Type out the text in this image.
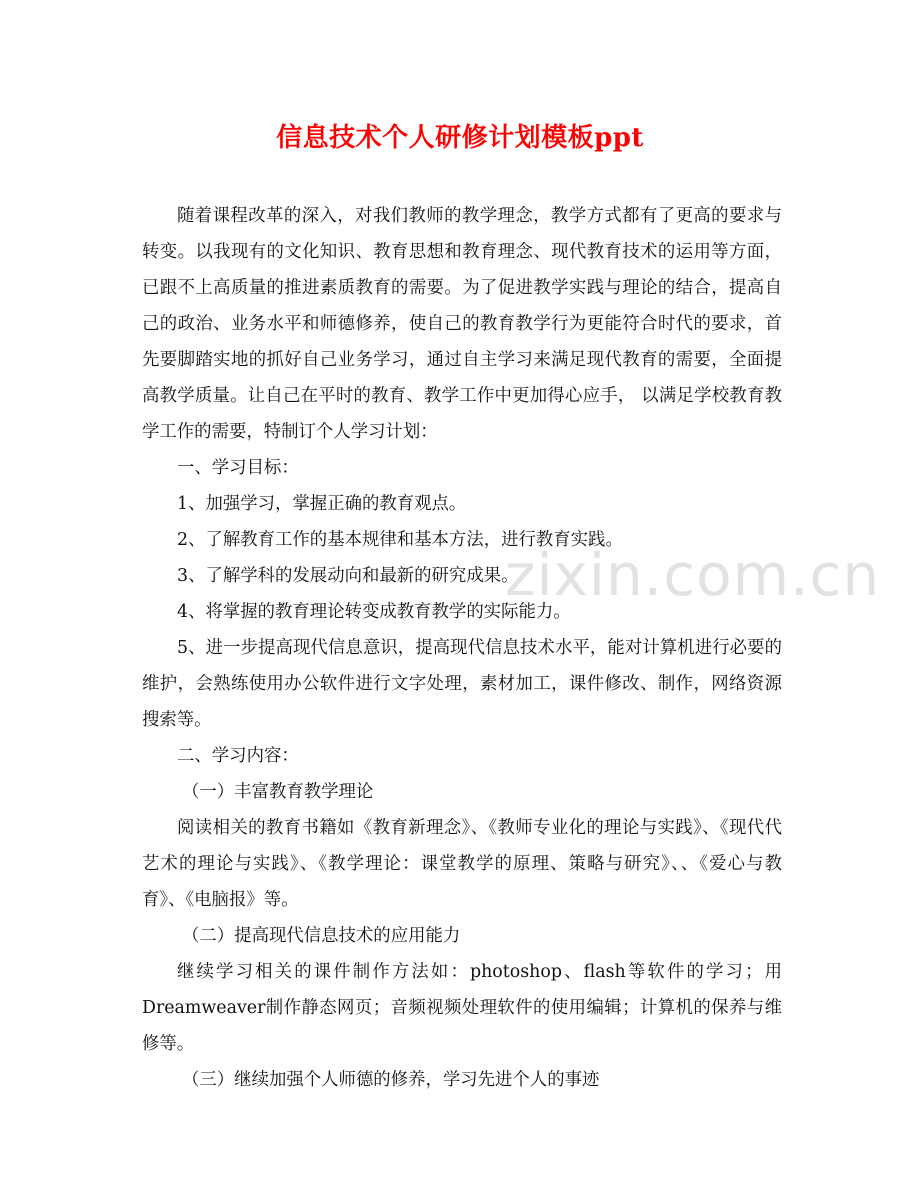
信息技术个人研修计划模板ppt

随着课程改革的深入，对我们教师的教学理念，教学方式都有了更高的要求与转变。以我现有的文化知识、教育思想和教育理念、现代教育技术的运用等方面，已跟不上高质量的推进素质教育的需要。为了促进教学实践与理论的结合，提高自己的政治、业务水平和师德修养，使自己的教育教学行为更能符合时代的要求，首先要脚踏实地的抓好自己业务学习，通过自主学习来满足现代教育的需要，全面提高教学质量。让自己在平时的教育、教学工作中更加得心应手， 以满足学校教育教学工作的需要，特制订个人学习计划：

一、学习目标：

1、加强学习，掌握正确的教育观点。

2、了解教育工作的基本规律和基本方法，进行教育实践。

3、了解学科的发展动向和最新的研究成果。

4、将掌握的教育理论转变成教育教学的实际能力。

5、进一步提高现代信息意识，提高现代信息技术水平，能对计算机进行必要的维护，会熟练使用办公软件进行文字处理，素材加工，课件修改、制作，网络资源搜索等。

二、学习内容：

（一）丰富教育教学理论

阅读相关的教育书籍如《教育新理念》、《教师专业化的理论与实践》、《现代代艺术的理论与实践》、《教学理论：课堂教学的原理、策略与研究》、、《爱心与教育》、《电脑报》等。

（二）提高现代信息技术的应用能力

继续学习相关的课件制作方法如：photoshop、flash等软件的学习；用Dreamweaver制作静态网页；音频视频处理软件的使用编辑；计算机的保养与维修等。

（三）继续加强个人师德的修养，学习先进个人的事迹

zixin.com.cn
